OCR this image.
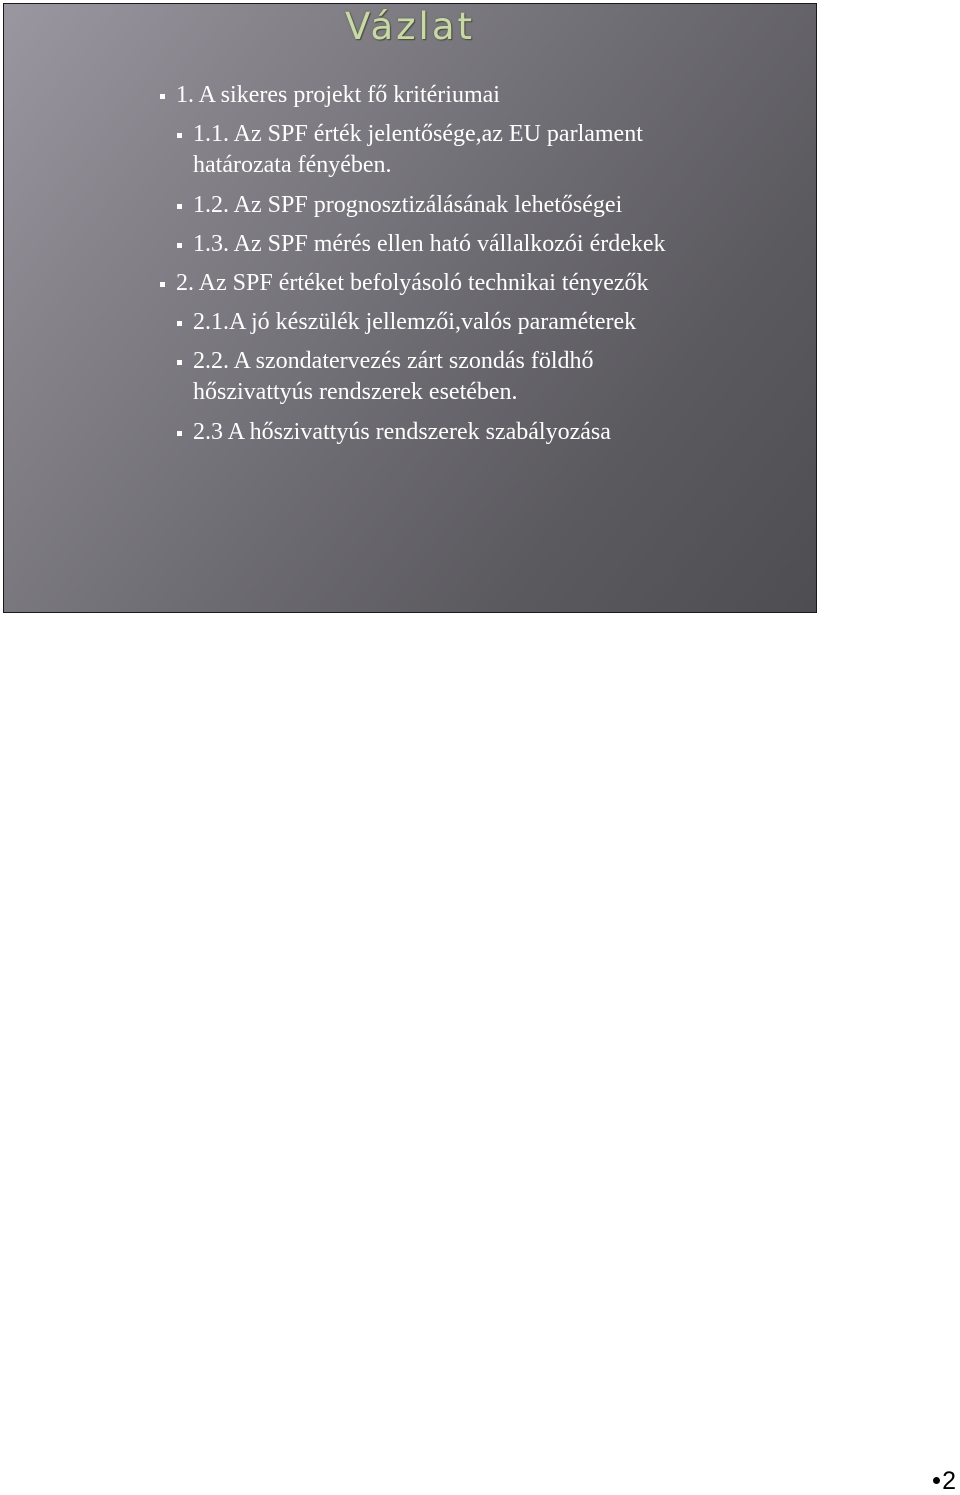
Vázlat
1. A sikeres projekt fő kritériumai
1.1. Az SPF érték jelentősége,az EU parlament
határozata fényében.
1.2. Az SPF prognosztizálásának lehetőségei
1.3. Az SPF mérés ellen ható vállalkozói érdekek
2. Az SPF értéket befolyásoló technikai tényezők
2.1.A jó készülék jellemzői,valós paraméterek
2.2. A szondatervezés zárt szondás földhő
hőszivattyús rendszerek esetében.
2.3 A hőszivattyús rendszerek szabályozása
2
